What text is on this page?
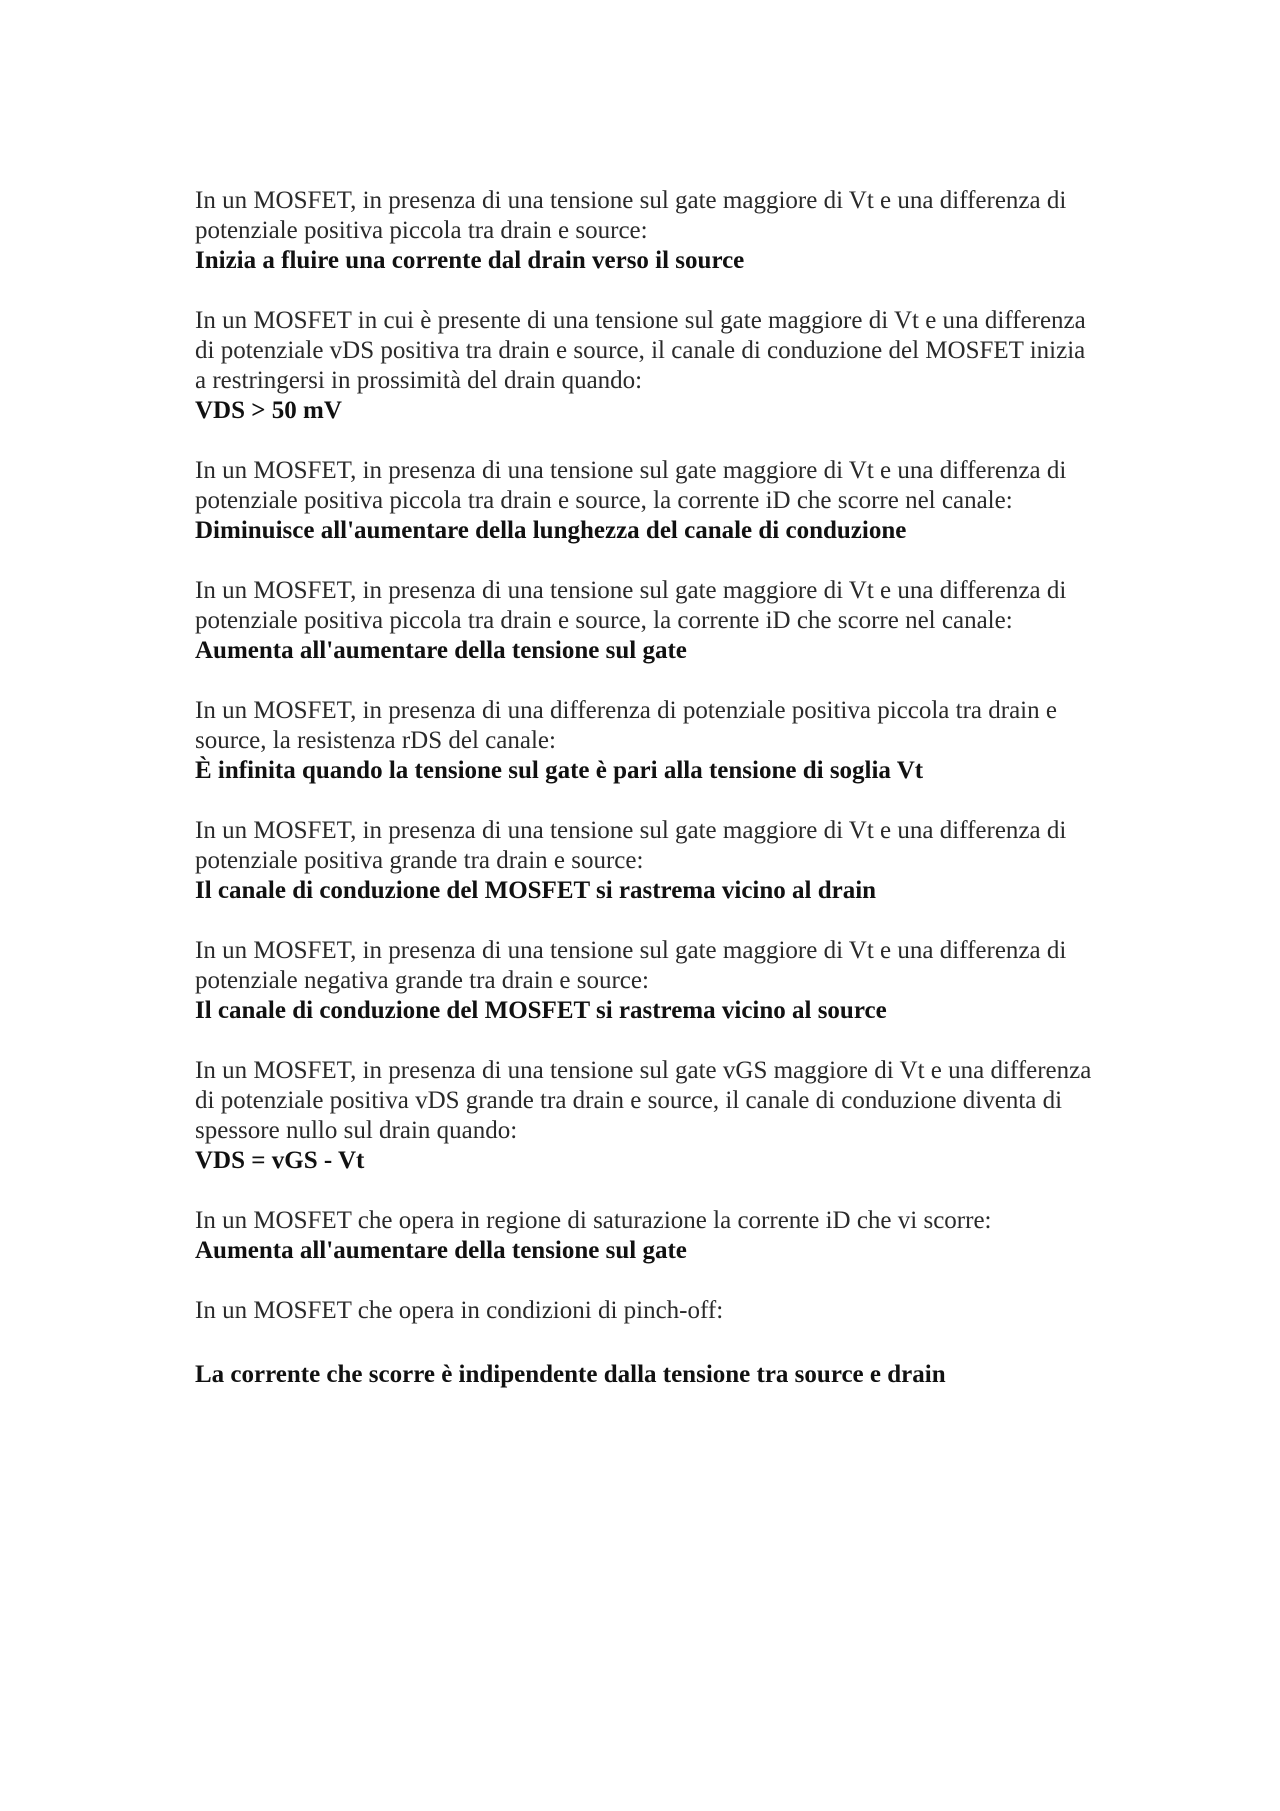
In un MOSFET, in presenza di una tensione sul gate maggiore di Vt e una differenza di potenziale positiva piccola tra drain e source:
Inizia a fluire una corrente dal drain verso il source
In un MOSFET in cui è presente di una tensione sul gate maggiore di Vt e una differenza di potenziale vDS positiva tra drain e source, il canale di conduzione del MOSFET inizia a restringersi in prossimità del drain quando:
VDS > 50 mV
In un MOSFET, in presenza di una tensione sul gate maggiore di Vt e una differenza di potenziale positiva piccola tra drain e source, la corrente iD che scorre nel canale:
Diminuisce all'aumentare della lunghezza del canale di conduzione
In un MOSFET, in presenza di una tensione sul gate maggiore di Vt e una differenza di potenziale positiva piccola tra drain e source, la corrente iD che scorre nel canale:
Aumenta all'aumentare della tensione sul gate
In un MOSFET, in presenza di una differenza di potenziale positiva piccola tra drain e source, la resistenza rDS del canale:
È infinita quando la tensione sul gate è pari alla tensione di soglia Vt
In un MOSFET, in presenza di una tensione sul gate maggiore di Vt e una differenza di potenziale positiva grande tra drain e source:
Il canale di conduzione del MOSFET si rastrema vicino al drain
In un MOSFET, in presenza di una tensione sul gate maggiore di Vt e una differenza di potenziale negativa grande tra drain e source:
Il canale di conduzione del MOSFET si rastrema vicino al source
In un MOSFET, in presenza di una tensione sul gate vGS maggiore di Vt e una differenza di potenziale positiva vDS grande tra drain e source, il canale di conduzione diventa di spessore nullo sul drain quando:
VDS = vGS - Vt
In un MOSFET che opera in regione di saturazione la corrente iD che vi scorre: Aumenta all'aumentare della tensione sul gate
In un MOSFET che opera in condizioni di pinch-off:
La corrente che scorre è indipendente dalla tensione tra source e drain
